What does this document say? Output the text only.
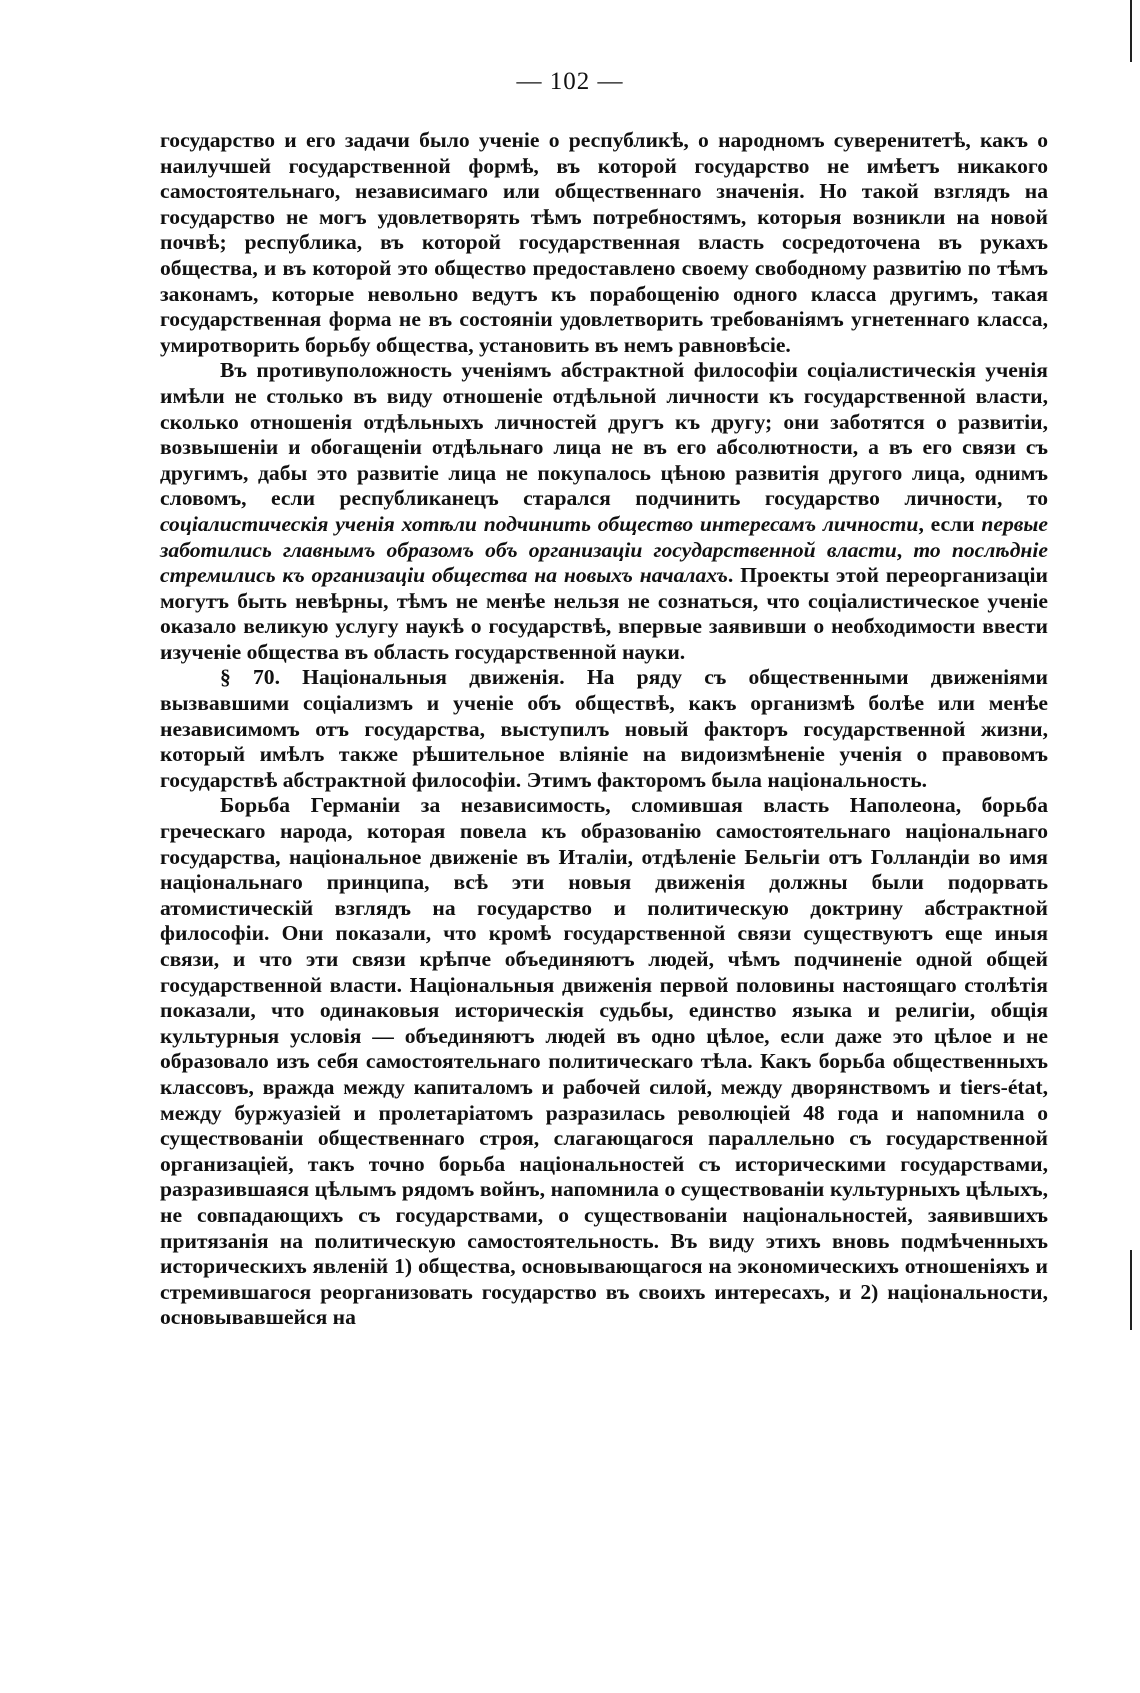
— 102 —

государство и его задачи было ученіе о республикѣ, о народномъ суверенитетѣ, какъ о наилучшей государственной формѣ, въ которой государство не имѣетъ никакого самостоятельнаго, независимаго или общественнаго значенія. Но такой взглядъ на государство не могъ удовлетворять тѣмъ потребностямъ, которыя возникли на новой почвѣ; республика, въ которой государственная власть сосредоточена въ рукахъ общества, и въ которой это общество предоставлено своему свободному развитію по тѣмъ законамъ, которые невольно ведутъ къ порабощенію одного класса другимъ, такая государственная форма не въ состояніи удовлетворить требованіямъ угнетеннаго класса, умиротворить борьбу общества, установить въ немъ равновѣсіе.

Въ противуположность ученіямъ абстрактной философіи соціалистическія ученія имѣли не столько въ виду отношеніе отдѣльной личности къ государственной власти, сколько отношенія отдѣльныхъ личностей другъ къ другу; они заботятся о развитіи, возвышеніи и обогащеніи отдѣльнаго лица не въ его абсолютности, а въ его связи съ другимъ, дабы это развитіе лица не покупалось цѣною развитія другого лица, однимъ словомъ, если республиканецъ старался подчинить государство личности, то соціалистическія ученія хотѣли подчинить общество интересамъ личности, если первые заботились главнымъ образомъ объ организаціи государственной власти, то послѣдніе стремились къ организаціи общества на новыхъ началахъ. Проекты этой переорганизаціи могутъ быть невѣрны, тѣмъ не менѣе нельзя не сознаться, что соціалистическое ученіе оказало великую услугу наукѣ о государствѣ, впервые заявивши о необходимости ввести изученіе общества въ область государственной науки.

§ 70. Національныя движенія. На ряду съ общественными движеніями вызвавшими соціализмъ и ученіе объ обществѣ, какъ организмѣ болѣе или менѣе независимомъ отъ государства, выступилъ новый факторъ государственной жизни, который имѣлъ также рѣшительное вліяніе на видоизмѣненіе ученія о правовомъ государствѣ абстрактной философіи. Этимъ факторомъ была національность.

Борьба Германіи за независимость, сломившая власть Наполеона, борьба греческаго народа, которая повела къ образованію самостоятельнаго національнаго государства, національное движеніе въ Италіи, отдѣленіе Бельгіи отъ Голландіи во имя національнаго принципа, всѣ эти новыя движенія должны были подорвать атомистическій взглядъ на государство и политическую доктрину абстрактной философіи. Они показали, что кромѣ государственной связи существуютъ еще иныя связи, и что эти связи крѣпче объединяютъ людей, чѣмъ подчиненіе одной общей государственной власти. Національныя движенія первой половины настоящаго столѣтія показали, что одинаковыя историческія судьбы, единство языка и религіи, общія культурныя условія — объединяютъ людей въ одно цѣлое, если даже это цѣлое и не образовало изъ себя самостоятельнаго политическаго тѣла. Какъ борьба общественныхъ классовъ, вражда между капиталомъ и рабочей силой, между дворянствомъ и tiers-état, между буржуазіей и пролетаріатомъ разразилась революціей 48 года и напомнила о существованіи общественнаго строя, слагающагося параллельно съ государственной организаціей, такъ точно борьба національностей съ историческими государствами, разразившаяся цѣлымъ рядомъ войнъ, напомнила о существованіи культурныхъ цѣлыхъ, не совпадающихъ съ государствами, о существованіи національностей, заявившихъ притязанія на политическую самостоятельность. Въ виду этихъ вновь подмѣченныхъ историческихъ явленій 1) общества, основывающагося на экономическихъ отношеніяхъ и стремившагося реорганизовать государство въ своихъ интересахъ, и 2) національности, основывавшейся на
